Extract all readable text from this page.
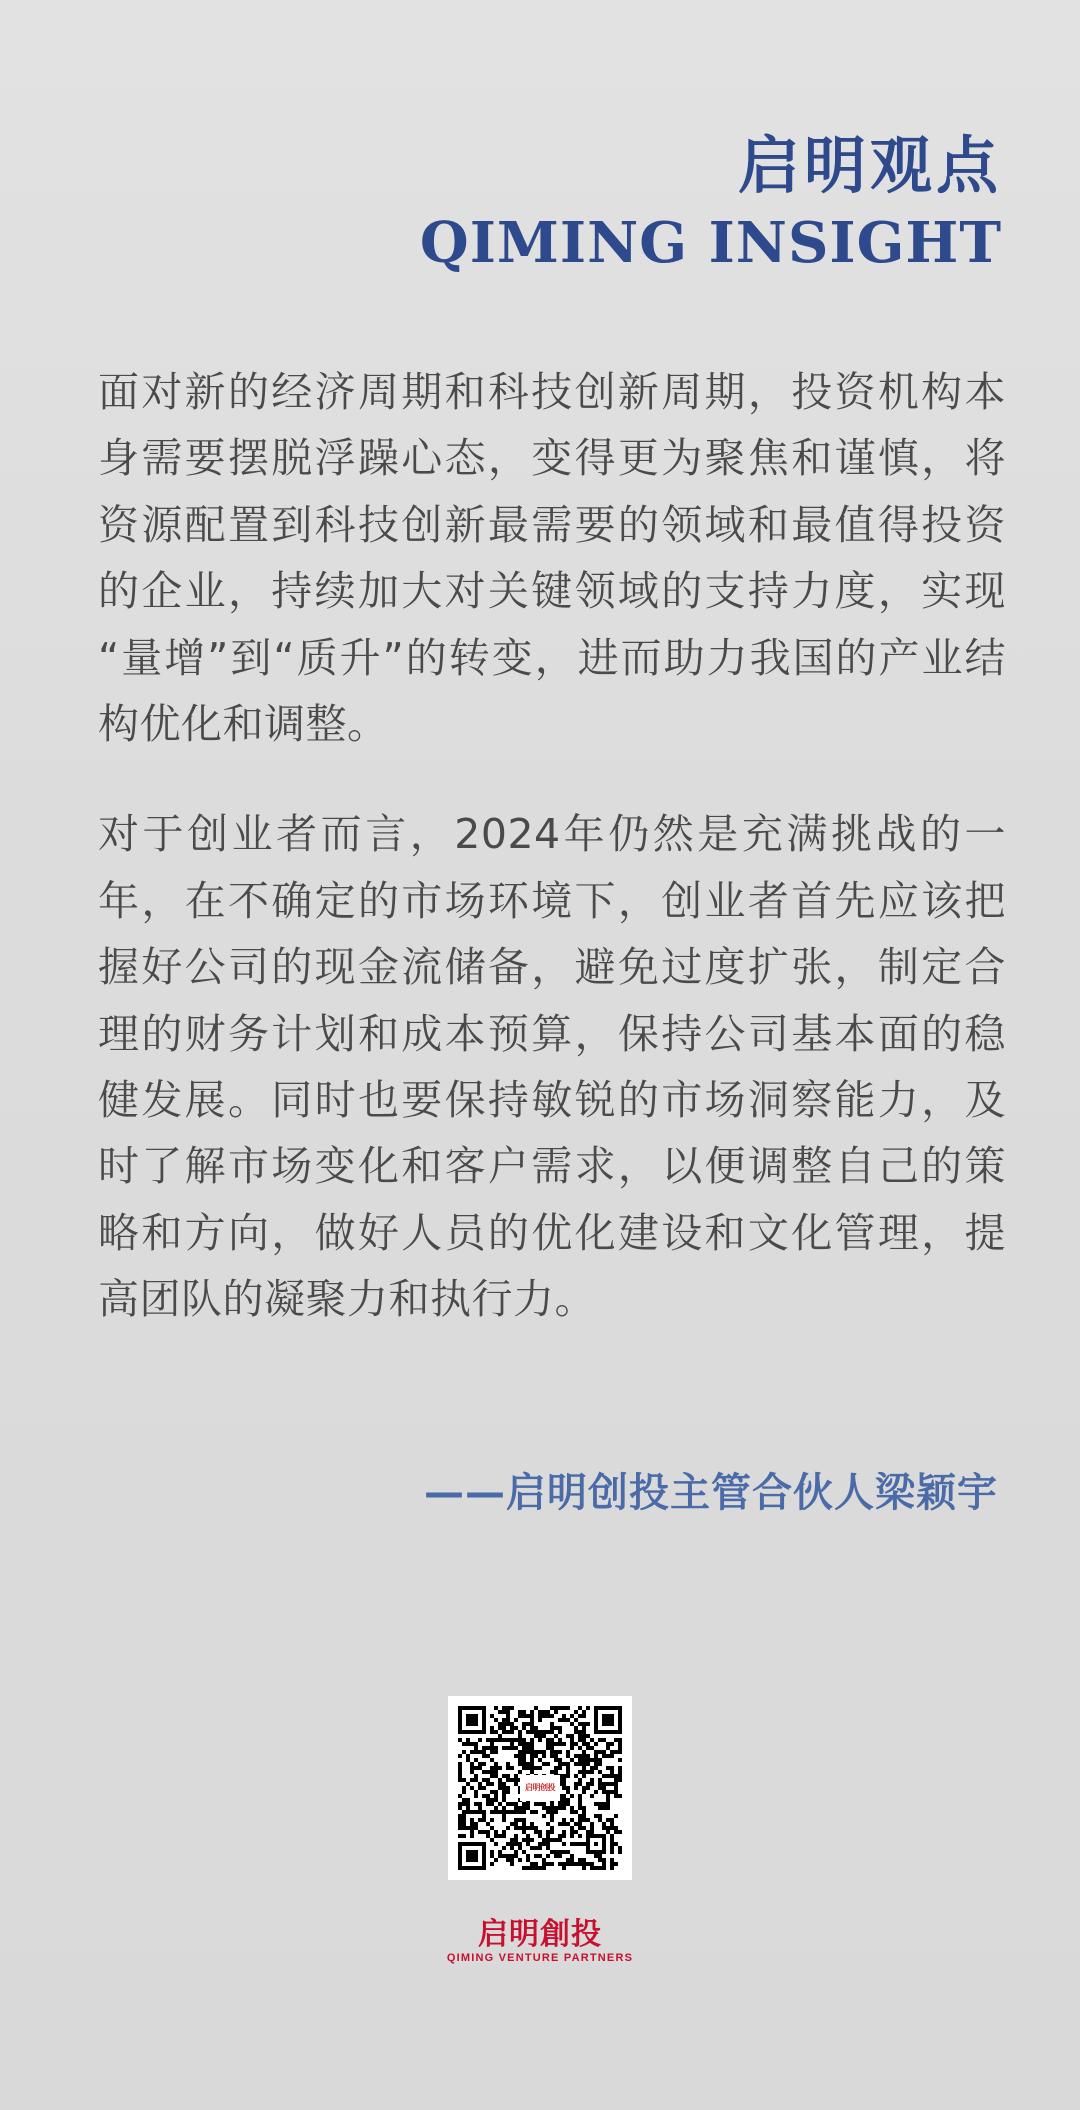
启明观点
QIMING INSIGHT

面对新的经济周期和科技创新周期，投资机构本身需要摆脱浮躁心态，变得更为聚焦和谨慎，将资源配置到科技创新最需要的领域和最值得投资的企业，持续加大对关键领域的支持力度，实现“量增”到“质升”的转变，进而助力我国的产业结构优化和调整。

对于创业者而言，2024年仍然是充满挑战的一年，在不确定的市场环境下，创业者首先应该把握好公司的现金流储备，避免过度扩张，制定合理的财务计划和成本预算，保持公司基本面的稳健发展。同时也要保持敏锐的市场洞察能力，及时了解市场变化和客户需求，以便调整自己的策略和方向，做好人员的优化建设和文化管理，提高团队的凝聚力和执行力。

——启明创投主管合伙人梁颖宇
启明创投
启明創投
QIMING VENTURE PARTNERS
